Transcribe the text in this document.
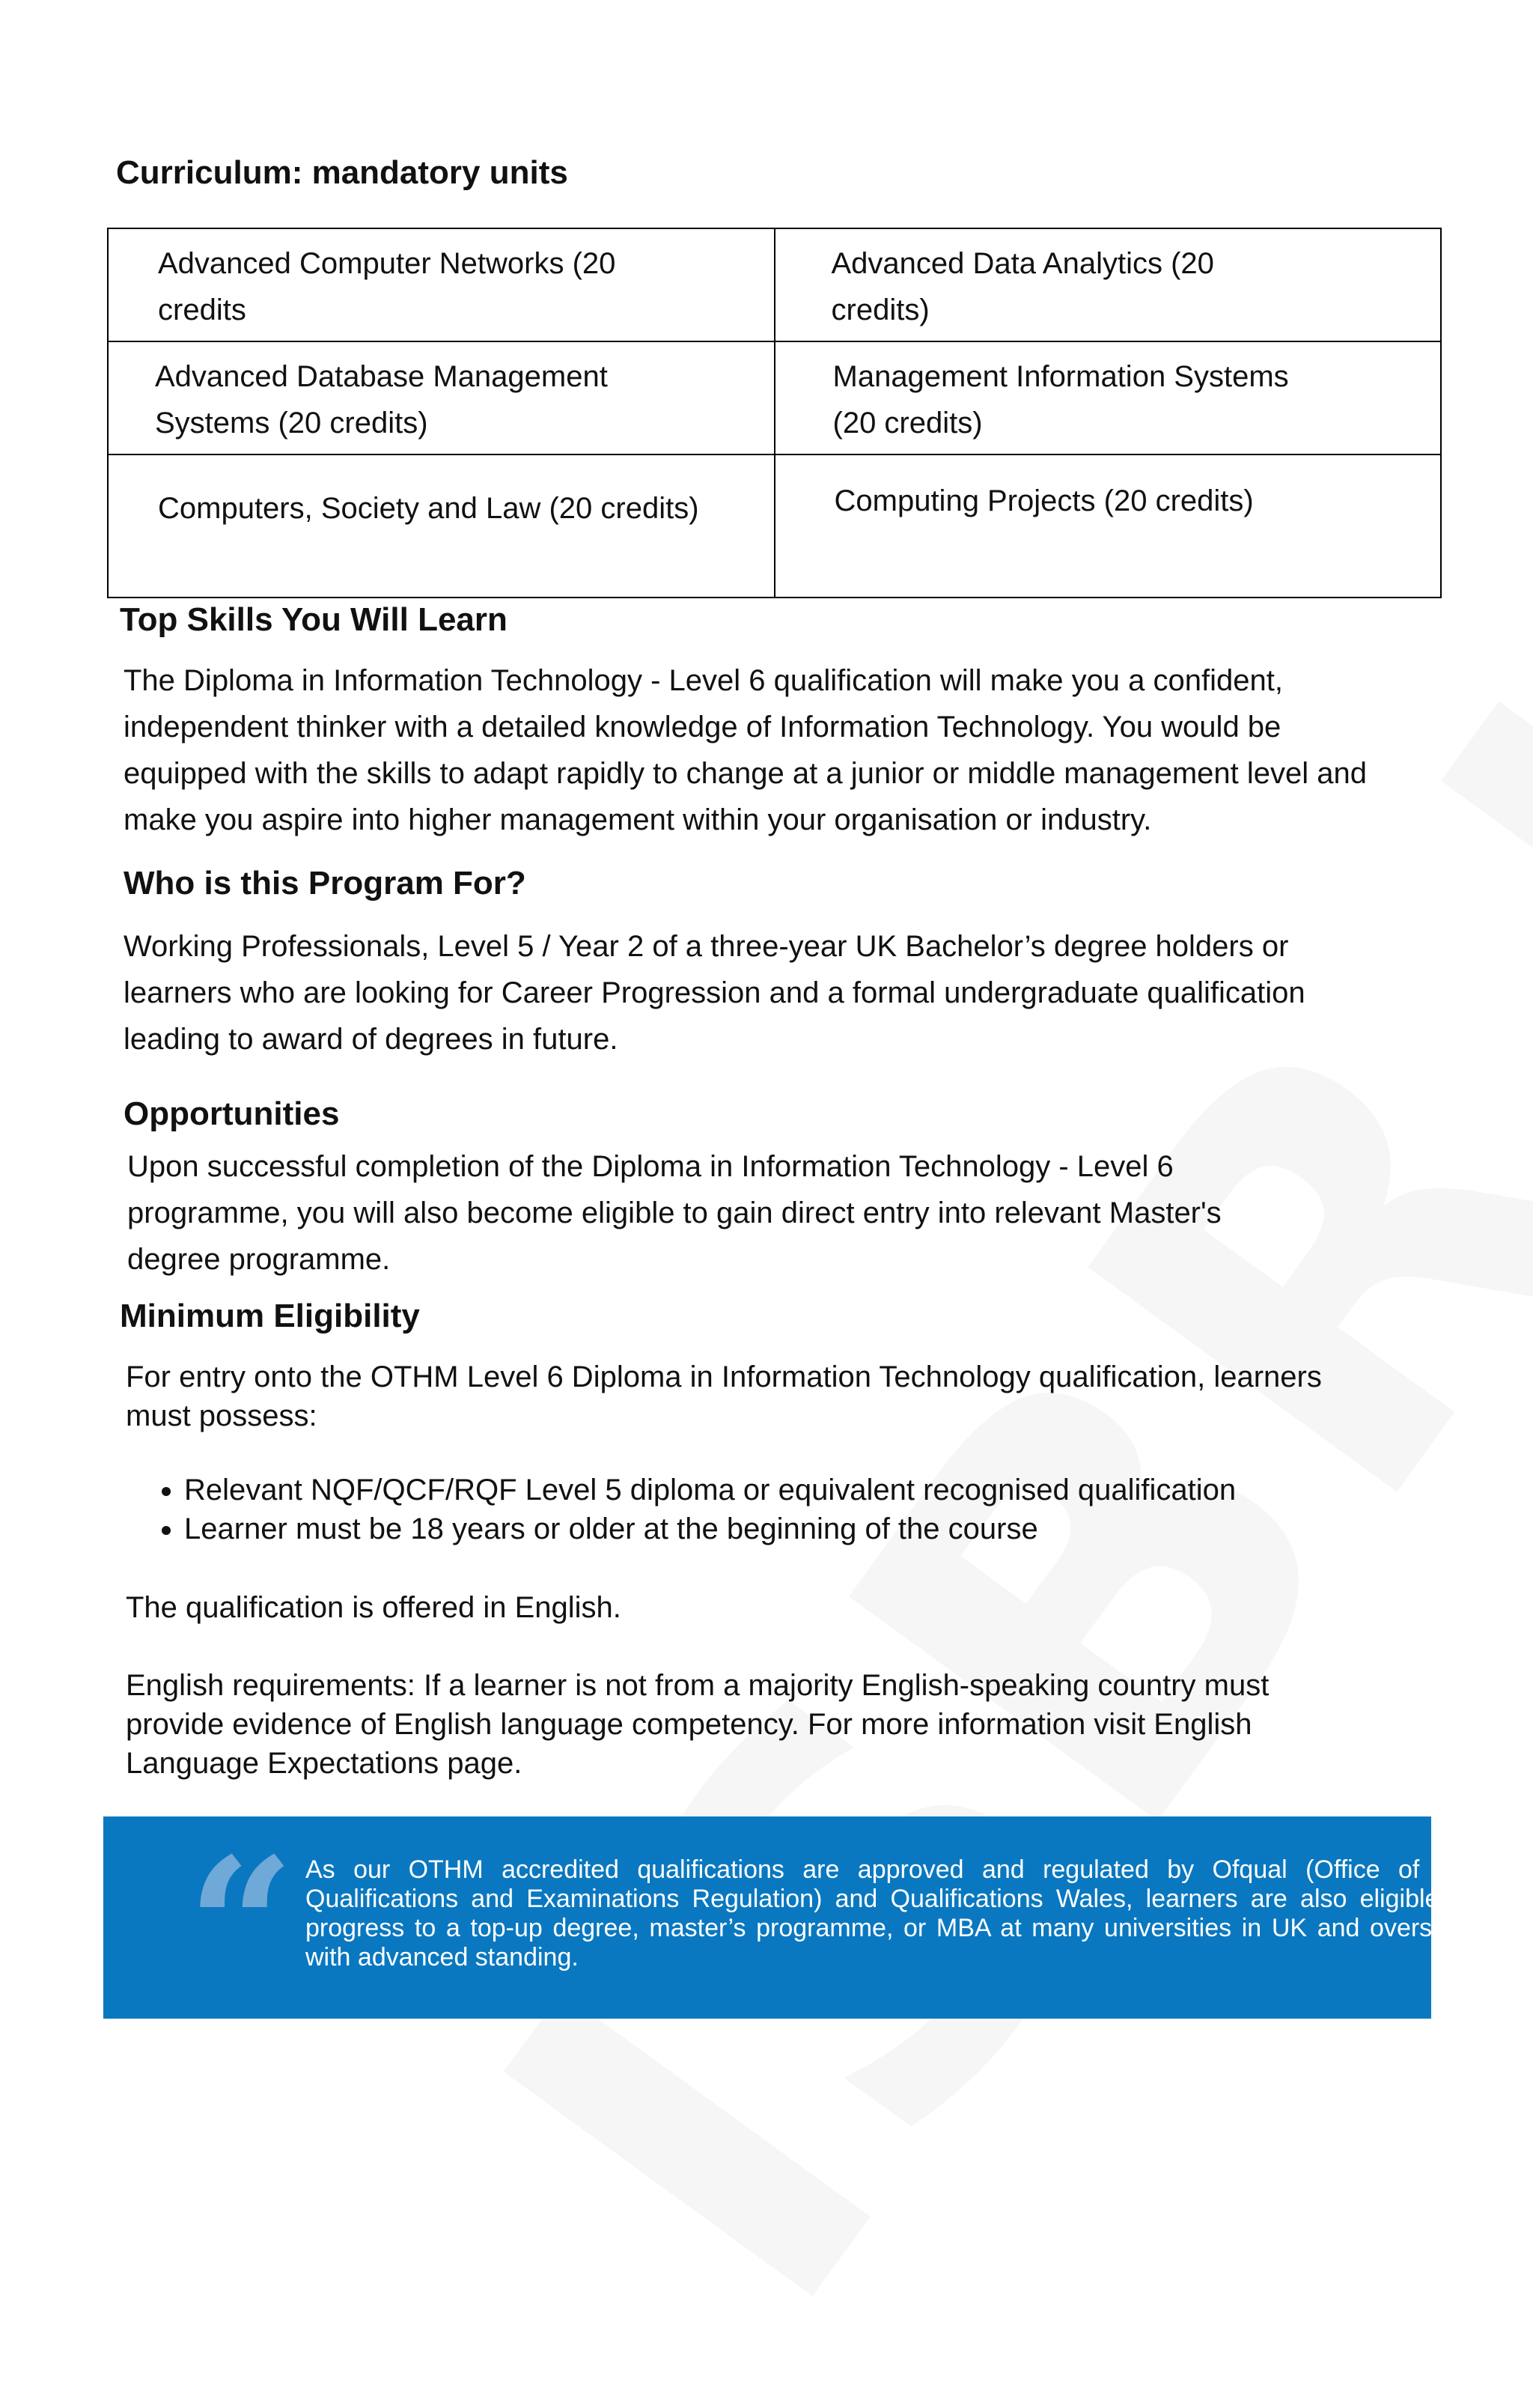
Curriculum: mandatory units
Advanced Computer Networks (20 credits	Advanced Data Analytics (20 credits)
Advanced Database Management Systems (20 credits)	Management Information Systems (20 credits)
Computers, Society and Law (20 credits)	Computing Projects (20 credits)
Top Skills You Will Learn

The Diploma in Information Technology - Level 6 qualification will make you a confident, independent thinker with a detailed knowledge of Information Technology. You would be equipped with the skills to adapt rapidly to change at a junior or middle management level and make you aspire into higher management within your organisation or industry.

Who is this Program For?

Working Professionals, Level 5 / Year 2 of a three-year UK Bachelor’s degree holders or learners who are looking for Career Progression and a formal undergraduate qualification leading to award of degrees in future.

Opportunities

Upon successful completion of the Diploma in Information Technology - Level 6 programme, you will also become eligible to gain direct entry into relevant Master's degree programme.

Minimum Eligibility

For entry onto the OTHM Level 6 Diploma in Information Technology qualification, learners must possess:

• Relevant NQF/QCF/RQF Level 5 diploma or equivalent recognised qualification
• Learner must be 18 years or older at the beginning of the course

The qualification is offered in English.

English requirements: If a learner is not from a majority English-speaking country must provide evidence of English language competency. For more information visit English Language Expectations page.

“ As our OTHM accredited qualifications are approved and regulated by Ofqual (Office of the Qualifications and Examinations Regulation) and Qualifications Wales, learners are also eligible to progress to a top-up degree, master’s programme, or MBA at many universities in UK and overseas with advanced standing.
